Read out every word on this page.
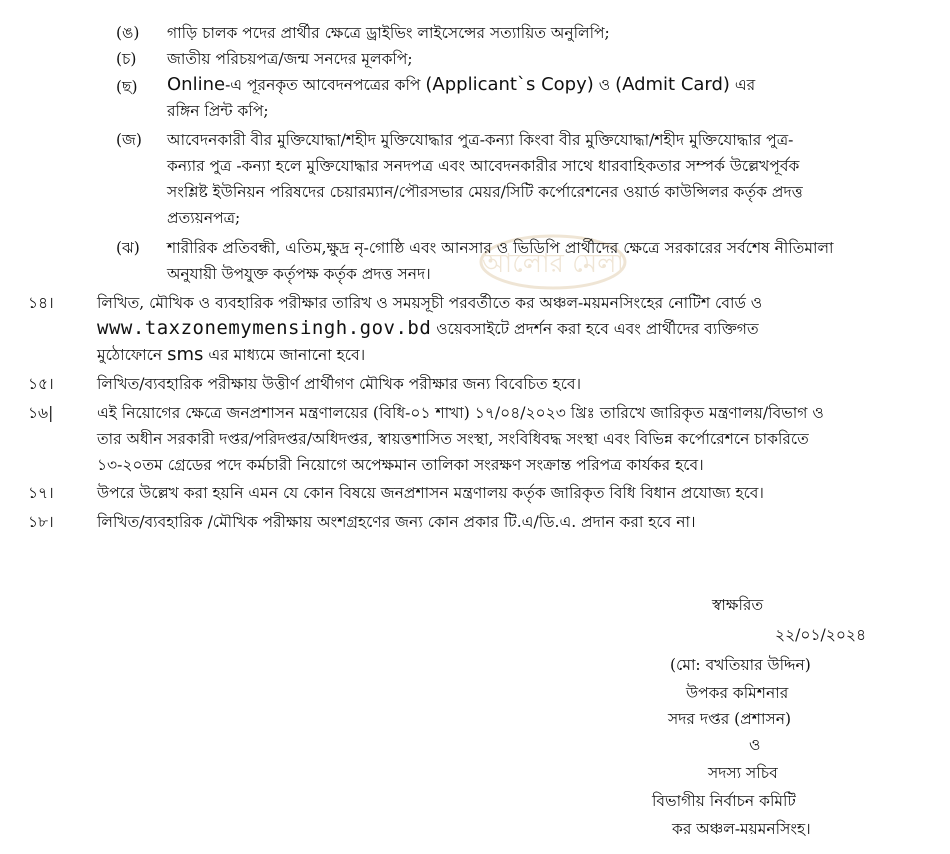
আলোর মেলা
(ঙ) গাড়ি চালক পদের প্রার্থীর ক্ষেত্রে ড্রাইভিং লাইসেন্সের সত্যায়িত অনুলিপি;
(চ) জাতীয় পরিচয়পত্র/জন্ম সনদের মূলকপি;
(ছ) Online-এ পূরনকৃত আবেদনপত্রের কপি (Applicant`s Copy) ও (Admit Card) এর
রঙ্গিন প্রিন্ট কপি;
(জ) আবেদনকারী বীর মুক্তিযোদ্ধা/শহীদ মুক্তিযোদ্ধার পুত্র-কন্যা কিংবা বীর মুক্তিযোদ্ধা/শহীদ মুক্তিযোদ্ধার পুত্র-
কন্যার পুত্র -কন্যা হলে মুক্তিযোদ্ধার সনদপত্র এবং আবেদনকারীর সাথে ধারবাহিকতার সম্পর্ক উল্লেখপূর্বক
সংশ্লিষ্ট ইউনিয়ন পরিষদের চেয়ারম্যান/পৌরসভার মেয়র/সিটি কর্পোরেশনের ওয়ার্ড কাউন্সিলর কর্তৃক প্রদত্ত
প্রত্যয়নপত্র;
(ঝ) শারীরিক প্রতিবন্ধী, এতিম,ক্ষুদ্র নৃ-গোষ্ঠি এবং আনসার ও ভিডিপি প্রার্থীদের ক্ষেত্রে সরকারের সর্বশেষ নীতিমালা
অনুযায়ী উপযুক্ত কর্তৃপক্ষ কর্তৃক প্রদত্ত সনদ।
১৪।	লিখিত, মৌখিক ও ব্যবহারিক পরীক্ষার তারিখ ও সময়সূচী পরবর্তীতে কর অঞ্চল-ময়মনসিংহের নোটিশ বোর্ড ও
www.taxzonemymensingh.gov.bd ওয়েবসাইটে প্রদর্শন করা হবে এবং প্রার্থীদের ব্যক্তিগত
মুঠোফোনে sms এর মাধ্যমে জানানো হবে।
১৫।	লিখিত/ব্যবহারিক পরীক্ষায় উত্তীর্ণ প্রার্থীগণ মৌখিক পরীক্ষার জন্য বিবেচিত হবে।
১৬|	এই নিয়োগের ক্ষেত্রে জনপ্রশাসন মন্ত্রণালয়ের (বিধি-০১ শাখা) ১৭/০৪/২০২৩ খ্রিঃ তারিখে জারিকৃত মন্ত্রণালয়/বিভাগ ও
তার অধীন সরকারী দপ্তর/পরিদপ্তর/অধিদপ্তর, স্বায়ত্তশাসিত সংস্থা, সংবিধিবদ্ধ সংস্থা এবং বিভিন্ন কর্পোরেশনে চাকরিতে
১৩-২০তম গ্রেডের পদে কর্মচারী নিয়োগে অপেক্ষমান তালিকা সংরক্ষণ সংক্রান্ত পরিপত্র কার্যকর হবে।
১৭।	উপরে উল্লেখ করা হয়নি এমন যে কোন বিষয়ে জনপ্রশাসন মন্ত্রণালয় কর্তৃক জারিকৃত বিধি বিধান প্রযোজ্য হবে।
১৮।	লিখিত/ব্যবহারিক /মৌখিক পরীক্ষায় অংশগ্রহণের জন্য কোন প্রকার টি.এ/ডি.এ. প্রদান করা হবে না।
স্বাক্ষরিত
২২/০১/২০২৪
(মো: বখতিয়ার উদ্দিন)
উপকর কমিশনার
সদর দপ্তর (প্রশাসন)
ও
সদস্য সচিব
বিভাগীয় নির্বাচন কমিটি
কর অঞ্চল-ময়মনসিংহ।
